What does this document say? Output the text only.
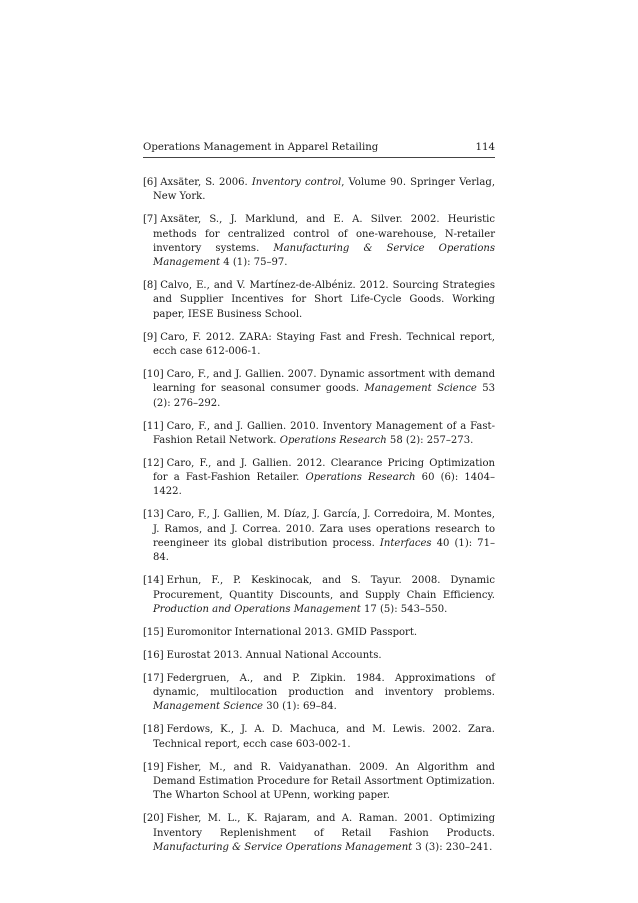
Operations Management in Apparel Retailing	114
[6] Axsäter, S. 2006. Inventory control, Volume 90. Springer Verlag, New York.
[7] Axsäter, S., J. Marklund, and E. A. Silver. 2002. Heuristic methods for centralized control of one-warehouse, N-retailer inventory systems. Manufacturing & Service Operations Management 4 (1): 75–97.
[8] Calvo, E., and V. Martínez-de-Albéniz. 2012. Sourcing Strategies and Supplier Incentives for Short Life-Cycle Goods. Working paper, IESE Business School.
[9] Caro, F. 2012. ZARA: Staying Fast and Fresh. Technical report, ecch case 612-006-1.
[10] Caro, F., and J. Gallien. 2007. Dynamic assortment with demand learning for seasonal consumer goods. Management Science 53 (2): 276–292.
[11] Caro, F., and J. Gallien. 2010. Inventory Management of a Fast-Fashion Retail Network. Operations Research 58 (2): 257–273.
[12] Caro, F., and J. Gallien. 2012. Clearance Pricing Optimization for a Fast-Fashion Retailer. Operations Research 60 (6): 1404–1422.
[13] Caro, F., J. Gallien, M. Díaz, J. García, J. Corredoira, M. Montes, J. Ramos, and J. Correa. 2010. Zara uses operations research to reengineer its global distribution process. Interfaces 40 (1): 71–84.
[14] Erhun, F., P. Keskinocak, and S. Tayur. 2008. Dynamic Procurement, Quantity Discounts, and Supply Chain Efficiency. Production and Operations Management 17 (5): 543–550.
[15] Euromonitor International 2013. GMID Passport.
[16] Eurostat 2013. Annual National Accounts.
[17] Federgruen, A., and P. Zipkin. 1984. Approximations of dynamic, multilocation production and inventory problems. Management Science 30 (1): 69–84.
[18] Ferdows, K., J. A. D. Machuca, and M. Lewis. 2002. Zara. Technical report, ecch case 603-002-1.
[19] Fisher, M., and R. Vaidyanathan. 2009. An Algorithm and Demand Estimation Procedure for Retail Assortment Optimization. The Wharton School at UPenn, working paper.
[20] Fisher, M. L., K. Rajaram, and A. Raman. 2001. Optimizing Inventory Replenishment of Retail Fashion Products. Manufacturing & Service Operations Management 3 (3): 230–241.
